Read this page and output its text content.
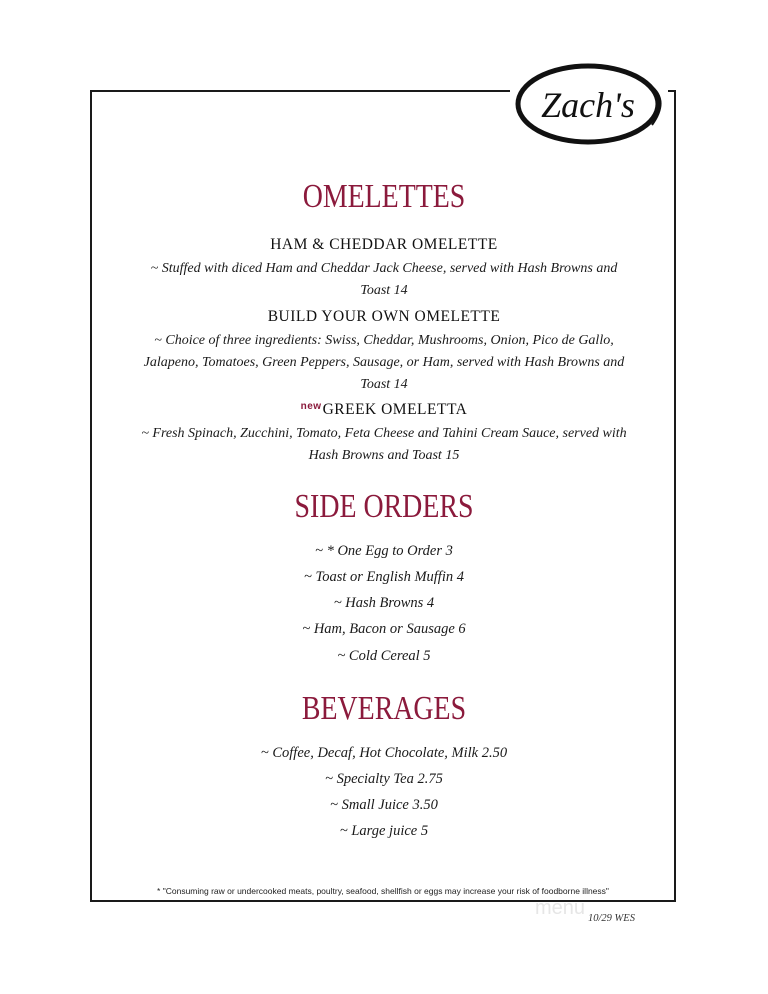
Zach's
OMELETTES
HAM & CHEDDAR OMELETTE
~ Stuffed with diced Ham and Cheddar Jack Cheese, served with Hash Browns and
Toast 14
BUILD YOUR OWN OMELETTE
~ Choice of three ingredients: Swiss, Cheddar, Mushrooms, Onion, Pico de Gallo,
Jalapeno, Tomatoes, Green Peppers, Sausage, or Ham, served with Hash Browns and
Toast 14
$^{new}$GREEK OMELETTA
~ Fresh Spinach, Zucchini, Tomato, Feta Cheese and Tahini Cream Sauce, served with
Hash Browns and Toast 15
SIDE ORDERS
~ * One Egg to Order 3
~ Toast or English Muffin 4
~ Hash Browns 4
~ Ham, Bacon or Sausage 6
~ Cold Cereal 5
BEVERAGES
~ Coffee, Decaf, Hot Chocolate, Milk 2.50
~ Specialty Tea 2.75
~ Small Juice 3.50
~ Large juice 5
* "Consuming raw or undercooked meats, poultry, seafood, shellfish or eggs may increase your risk of foodborne illness"
menu 10/29 WES
